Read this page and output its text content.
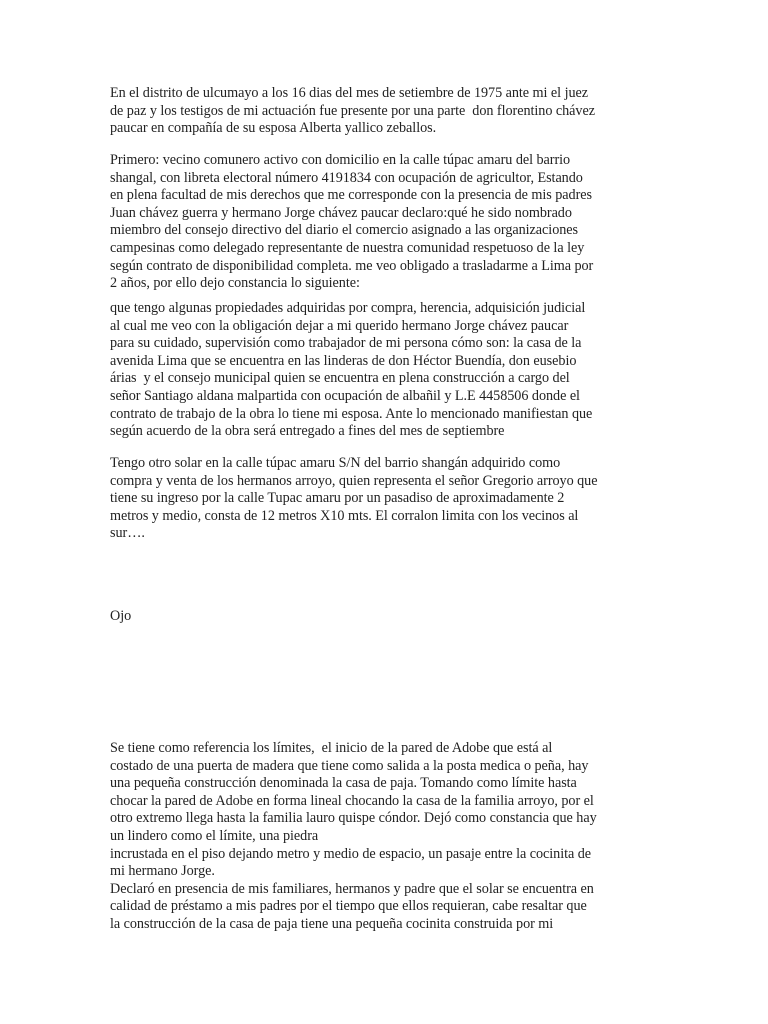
En el distrito de ulcumayo a los 16 dias del mes de setiembre de 1975 ante mi el juez
de paz y los testigos de mi actuación fue presente por una parte  don florentino chávez
paucar en compañía de su esposa Alberta yallico zeballos.

Primero: vecino comunero activo con domicilio en la calle túpac amaru del barrio
shangal, con libreta electoral número 4191834 con ocupación de agricultor, Estando
en plena facultad de mis derechos que me corresponde con la presencia de mis padres
Juan chávez guerra y hermano Jorge chávez paucar declaro:qué he sido nombrado
miembro del consejo directivo del diario el comercio asignado a las organizaciones
campesinas como delegado representante de nuestra comunidad respetuoso de la ley
según contrato de disponibilidad completa. me veo obligado a trasladarme a Lima por
2 años, por ello dejo constancia lo siguiente:

que tengo algunas propiedades adquiridas por compra, herencia, adquisición judicial
al cual me veo con la obligación dejar a mi querido hermano Jorge chávez paucar
para su cuidado, supervisión como trabajador de mi persona cómo son: la casa de la
avenida Lima que se encuentra en las linderas de don Héctor Buendía, don eusebio
árias  y el consejo municipal quien se encuentra en plena construcción a cargo del
señor Santiago aldana malpartida con ocupación de albañil y L.E 4458506 donde el
contrato de trabajo de la obra lo tiene mi esposa. Ante lo mencionado manifiestan que
según acuerdo de la obra será entregado a fines del mes de septiembre

Tengo otro solar en la calle túpac amaru S/N del barrio shangán adquirido como
compra y venta de los hermanos arroyo, quien representa el señor Gregorio arroyo que
tiene su ingreso por la calle Tupac amaru por un pasadiso de aproximadamente 2
metros y medio, consta de 12 metros X10 mts. El corralon limita con los vecinos al
sur….

Ojo

Se tiene como referencia los límites,  el inicio de la pared de Adobe que está al
costado de una puerta de madera que tiene como salida a la posta medica o peña, hay
una pequeña construcción denominada la casa de paja. Tomando como límite hasta
chocar la pared de Adobe en forma lineal chocando la casa de la familia arroyo, por el
otro extremo llega hasta la familia lauro quispe cóndor. Dejó como constancia que hay
un lindero como el límite, una piedra
incrustada en el piso dejando metro y medio de espacio, un pasaje entre la cocinita de
mi hermano Jorge.
Declaró en presencia de mis familiares, hermanos y padre que el solar se encuentra en
calidad de préstamo a mis padres por el tiempo que ellos requieran, cabe resaltar que
la construcción de la casa de paja tiene una pequeña cocinita construida por mi
